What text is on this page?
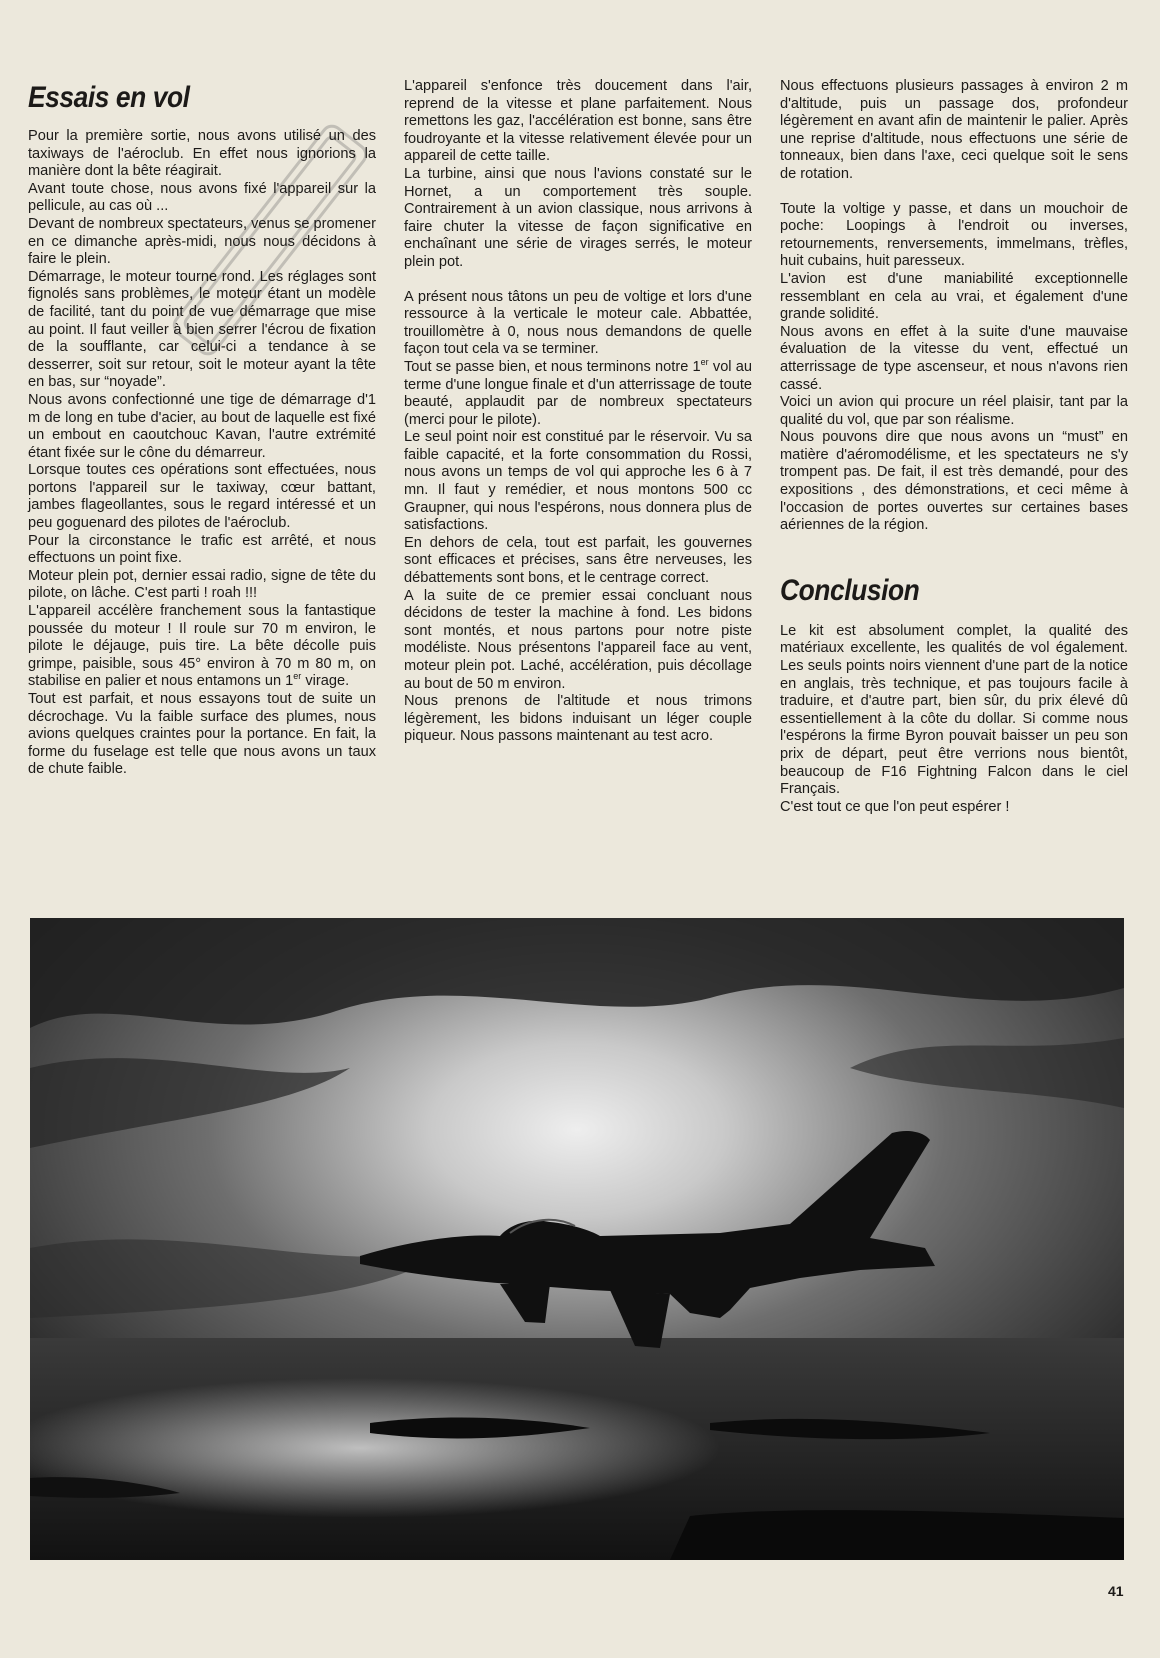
Essais en vol

Pour la première sortie, nous avons utilisé un des taxiways de l'aéroclub. En effet nous ignorions la manière dont la bête réagirait.

Avant toute chose, nous avons fixé l'appareil sur la pellicule, au cas où ...

Devant de nombreux spectateurs, venus se promener en ce dimanche après-midi, nous nous décidons à faire le plein.

Démarrage, le moteur tourne rond. Les réglages sont fignolés sans problèmes, le moteur étant un modèle de facilité, tant du point de vue démarrage que mise au point. Il faut veiller à bien serrer l'écrou de fixation de la soufflante, car celui-ci a tendance à se desserrer, soit sur retour, soit le moteur ayant la tête en bas, sur “noyade”.

Nous avons confectionné une tige de démarrage d'1 m de long en tube d'acier, au bout de laquelle est fixé un embout en caoutchouc Kavan, l'autre extrémité étant fixée sur le cône du démarreur.

Lorsque toutes ces opérations sont effectuées, nous portons l'appareil sur le taxiway, cœur battant, jambes flageollantes, sous le regard intéressé et un peu goguenard des pilotes de l'aéroclub.

Pour la circonstance le trafic est arrêté, et nous effectuons un point fixe.

Moteur plein pot, dernier essai radio, signe de tête du pilote, on lâche. C'est parti ! roah !!!

L'appareil accélère franchement sous la fantastique poussée du moteur ! Il roule sur 70 m environ, le pilote le déjauge, puis tire. La bête décolle puis grimpe, paisible, sous 45° environ à 70 m 80 m, on stabilise en palier et nous entamons un 1er virage.

Tout est parfait, et nous essayons tout de suite un décrochage. Vu la faible surface des plumes, nous avions quelques craintes pour la portance. En fait, la forme du fuselage est telle que nous avons un taux de chute faible.

L'appareil s'enfonce très doucement dans l'air, reprend de la vitesse et plane parfaitement. Nous remettons les gaz, l'accélération est bonne, sans être foudroyante et la vitesse relativement élevée pour un appareil de cette taille.

La turbine, ainsi que nous l'avions constaté sur le Hornet, a un comportement très souple. Contrairement à un avion classique, nous arrivons à faire chuter la vitesse de façon significative en enchaînant une série de virages serrés, le moteur plein pot.

A présent nous tâtons un peu de voltige et lors d'une ressource à la verticale le moteur cale. Abbattée, trouillomètre à 0, nous nous demandons de quelle façon tout cela va se terminer.

Tout se passe bien, et nous terminons notre 1er vol au terme d'une longue finale et d'un atterrissage de toute beauté, applaudit par de nombreux spectateurs (merci pour le pilote).

Le seul point noir est constitué par le réservoir. Vu sa faible capacité, et la forte consommation du Rossi, nous avons un temps de vol qui approche les 6 à 7 mn. Il faut y remédier, et nous montons 500 cc Graupner, qui nous l'espérons, nous donnera plus de satisfactions.

En dehors de cela, tout est parfait, les gouvernes sont efficaces et précises, sans être nerveuses, les débattements sont bons, et le centrage correct.

A la suite de ce premier essai concluant nous décidons de tester la machine à fond. Les bidons sont montés, et nous partons pour notre piste modéliste. Nous présentons l'appareil face au vent, moteur plein pot. Laché, accélération, puis décollage au bout de 50 m environ.

Nous prenons de l'altitude et nous trimons légèrement, les bidons induisant un léger couple piqueur. Nous passons maintenant au test acro.

Nous effectuons plusieurs passages à environ 2 m d'altitude, puis un passage dos, profondeur légèrement en avant afin de maintenir le palier. Après une reprise d'altitude, nous effectuons une série de tonneaux, bien dans l'axe, ceci quelque soit le sens de rotation.

Toute la voltige y passe, et dans un mouchoir de poche: Loopings à l'endroit ou inverses, retournements, renversements, immelmans, trèfles, huit cubains, huit paresseux.

L'avion est d'une maniabilité exceptionnelle ressemblant en cela au vrai, et également d'une grande solidité.

Nous avons en effet à la suite d'une mauvaise évaluation de la vitesse du vent, effectué un atterrissage de type ascenseur, et nous n'avons rien cassé.

Voici un avion qui procure un réel plaisir, tant par la qualité du vol, que par son réalisme.

Nous pouvons dire que nous avons un “must” en matière d'aéromodélisme, et les spectateurs ne s'y trompent pas. De fait, il est très demandé, pour des expositions , des démonstrations, et ceci même à l'occasion de portes ouvertes sur certaines bases aériennes de la région.

Conclusion

Le kit est absolument complet, la qualité des matériaux excellente, les qualités de vol également. Les seuls points noirs viennent d'une part de la notice en anglais, très technique, et pas toujours facile à traduire, et d'autre part, bien sûr, du prix élevé dû essentiellement à la côte du dollar. Si comme nous l'espérons la firme Byron pouvait baisser un peu son prix de départ, peut être verrions nous bientôt, beaucoup de F16 Fightning Falcon dans le ciel Français.

C'est tout ce que l'on peut espérer !

41
